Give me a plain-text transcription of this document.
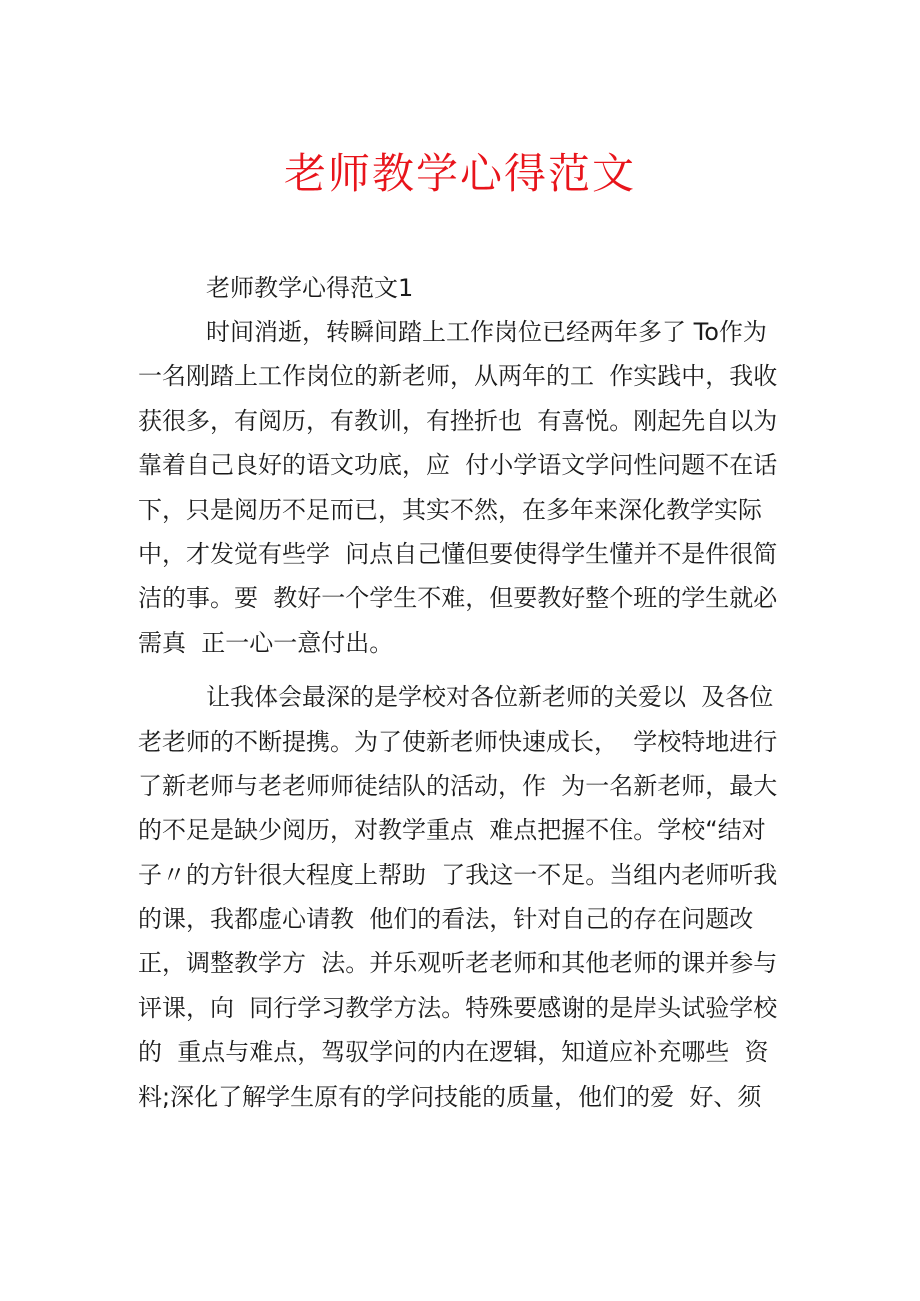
老师教学心得范文

老师教学心得范文1

时间消逝，转瞬间踏上工作岗位已经两年多了 To作为
一名刚踏上工作岗位的新老师，从两年的工  作实践中，我收
获很多，有阅历，有教训，有挫折也  有喜悦。刚起先自以为
靠着自己良好的语文功底，应  付小学语文学问性问题不在话
下，只是阅历不足而已，其实不然，在多年来深化教学实际
中，才发觉有些学  问点自己懂但要使得学生懂并不是件很简
洁的事。要  教好一个学生不难，但要教好整个班的学生就必
需真  正一心一意付出。
让我体会最深的是学校对各位新老师的关爱以  及各位
老老师的不断提携。为了使新老师快速成长，  学校特地进行
了新老师与老老师师徒结队的活动，作  为一名新老师，最大
的不足是缺少阅历，对教学重点  难点把握不住。学校“结对
子〃的方针很大程度上帮助  了我这一不足。当组内老师听我
的课，我都虚心请教  他们的看法，针对自己的存在问题改
正，调整教学方  法。并乐观听老老师和其他老师的课并参与
评课，向  同行学习教学方法。特殊要感谢的是岸头试验学校
的  重点与难点，驾驭学问的内在逻辑，知道应补充哪些  资
料;深化了解学生原有的学问技能的质量，他们的爱  好、须
